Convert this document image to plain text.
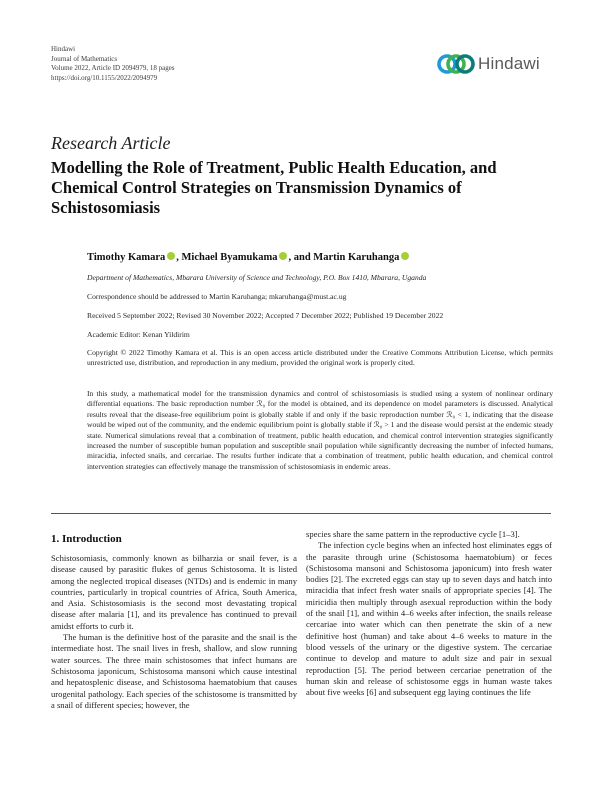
Hindawi
Journal of Mathematics
Volume 2022, Article ID 2094979, 18 pages
https://doi.org/10.1155/2022/2094979
Hindawi
Research Article
Modelling the Role of Treatment, Public Health Education, and Chemical Control Strategies on Transmission Dynamics of Schistosomiasis
Timothy Kamara , Michael Byamukama , and Martin Karuhanga
Department of Mathematics, Mbarara University of Science and Technology, P.O. Box 1410, Mbarara, Uganda
Correspondence should be addressed to Martin Karuhanga; mkaruhanga@must.ac.ug
Received 5 September 2022; Revised 30 November 2022; Accepted 7 December 2022; Published 19 December 2022
Academic Editor: Kenan Yildirim
Copyright © 2022 Timothy Kamara et al. This is an open access article distributed under the Creative Commons Attribution License, which permits unrestricted use, distribution, and reproduction in any medium, provided the original work is properly cited.
In this study, a mathematical model for the transmission dynamics and control of schistosomiasis is studied using a system of nonlinear ordinary differential equations. The basic reproduction number ℛ₀ for the model is obtained, and its dependence on model parameters is discussed. Analytical results reveal that the disease-free equilibrium point is globally stable if and only if the basic reproduction number ℛ₀ < 1, indicating that the disease would be wiped out of the community, and the endemic equilibrium point is globally stable if ℛ₀ > 1 and the disease would persist at the endemic steady state. Numerical simulations reveal that a combination of treatment, public health education, and chemical control intervention strategies significantly increased the number of susceptible human population and susceptible snail population while significantly decreasing the number of infected humans, miracidia, infected snails, and cercariae. The results further indicate that a combination of treatment, public health education, and chemical control intervention strategies can effectively manage the transmission of schistosomiasis in endemic areas.
1. Introduction

Schistosomiasis, commonly known as bilharzia or snail fever, is a disease caused by parasitic flukes of genus Schistosoma. It is listed among the neglected tropical diseases (NTDs) and is endemic in many countries, particularly in tropical countries of Africa, South America, and Asia. Schistosomiasis is the second most devastating tropical disease after malaria [1], and its prevalence has continued to prevail amidst efforts to curb it.

The human is the definitive host of the parasite and the snail is the intermediate host. The snail lives in fresh, shallow, and slow running water sources. The three main schistosomes that infect humans are Schistosoma japonicum, Schistosoma mansoni which cause intestinal and hepatosplenic disease, and Schistosoma haematobium that causes urogenital pathology. Each species of the schistosome is transmitted by a snail of different species; however, the

species share the same pattern in the reproductive cycle [1–3].

The infection cycle begins when an infected host eliminates eggs of the parasite through urine (Schistosoma haematobium) or feces (Schistosoma mansoni and Schistosoma japonicum) into fresh water bodies [2]. The excreted eggs can stay up to seven days and hatch into miracidia that infect fresh water snails of appropriate species [4]. The miricidia then multiply through asexual reproduction within the body of the snail [1], and within 4–6 weeks after infection, the snails release cercariae into water which can then penetrate the skin of a new definitive host (human) and take about 4–6 weeks to mature in the blood vessels of the urinary or the digestive system. The cercariae continue to develop and mature to adult size and pair in sexual reproduction [5]. The period between cercariae penetration of the human skin and release of schistosome eggs in human waste takes about five weeks [6] and subsequent egg laying continues the life
